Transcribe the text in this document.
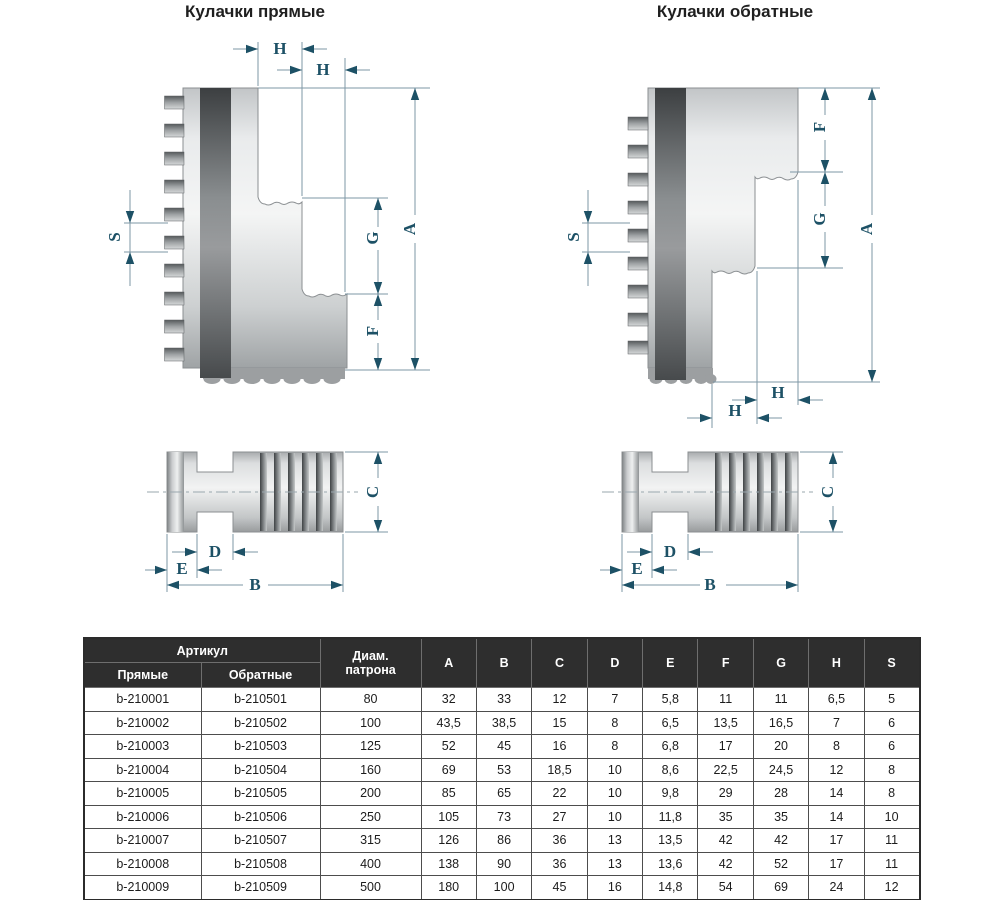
Кулачки прямые	Кулачки обратные
H
H
S	G
F
A
C
D
E
B
F
G
A
S
H
H
C
D
E
B
Артикул		Диам.
патрона	A	B	C	D	E	F	G	H	S
Прямые	Обратные										
b-210001	b-210501	80	32	33	12	7	5,8	11	11	6,5	5
b-210002	b-210502	100	43,5	38,5	15	8	6,5	13,5	16,5	7	6
b-210003	b-210503	125	52	45	16	8	6,8	17	20	8	6
b-210004	b-210504	160	69	53	18,5	10	8,6	22,5	24,5	12	8
b-210005	b-210505	200	85	65	22	10	9,8	29	28	14	8
b-210006	b-210506	250	105	73	27	10	11,8	35	35	14	10
b-210007	b-210507	315	126	86	36	13	13,5	42	42	17	11
b-210008	b-210508	400	138	90	36	13	13,6	42	52	17	11
b-210009	b-210509	500	180	100	45	16	14,8	54	69	24	12
